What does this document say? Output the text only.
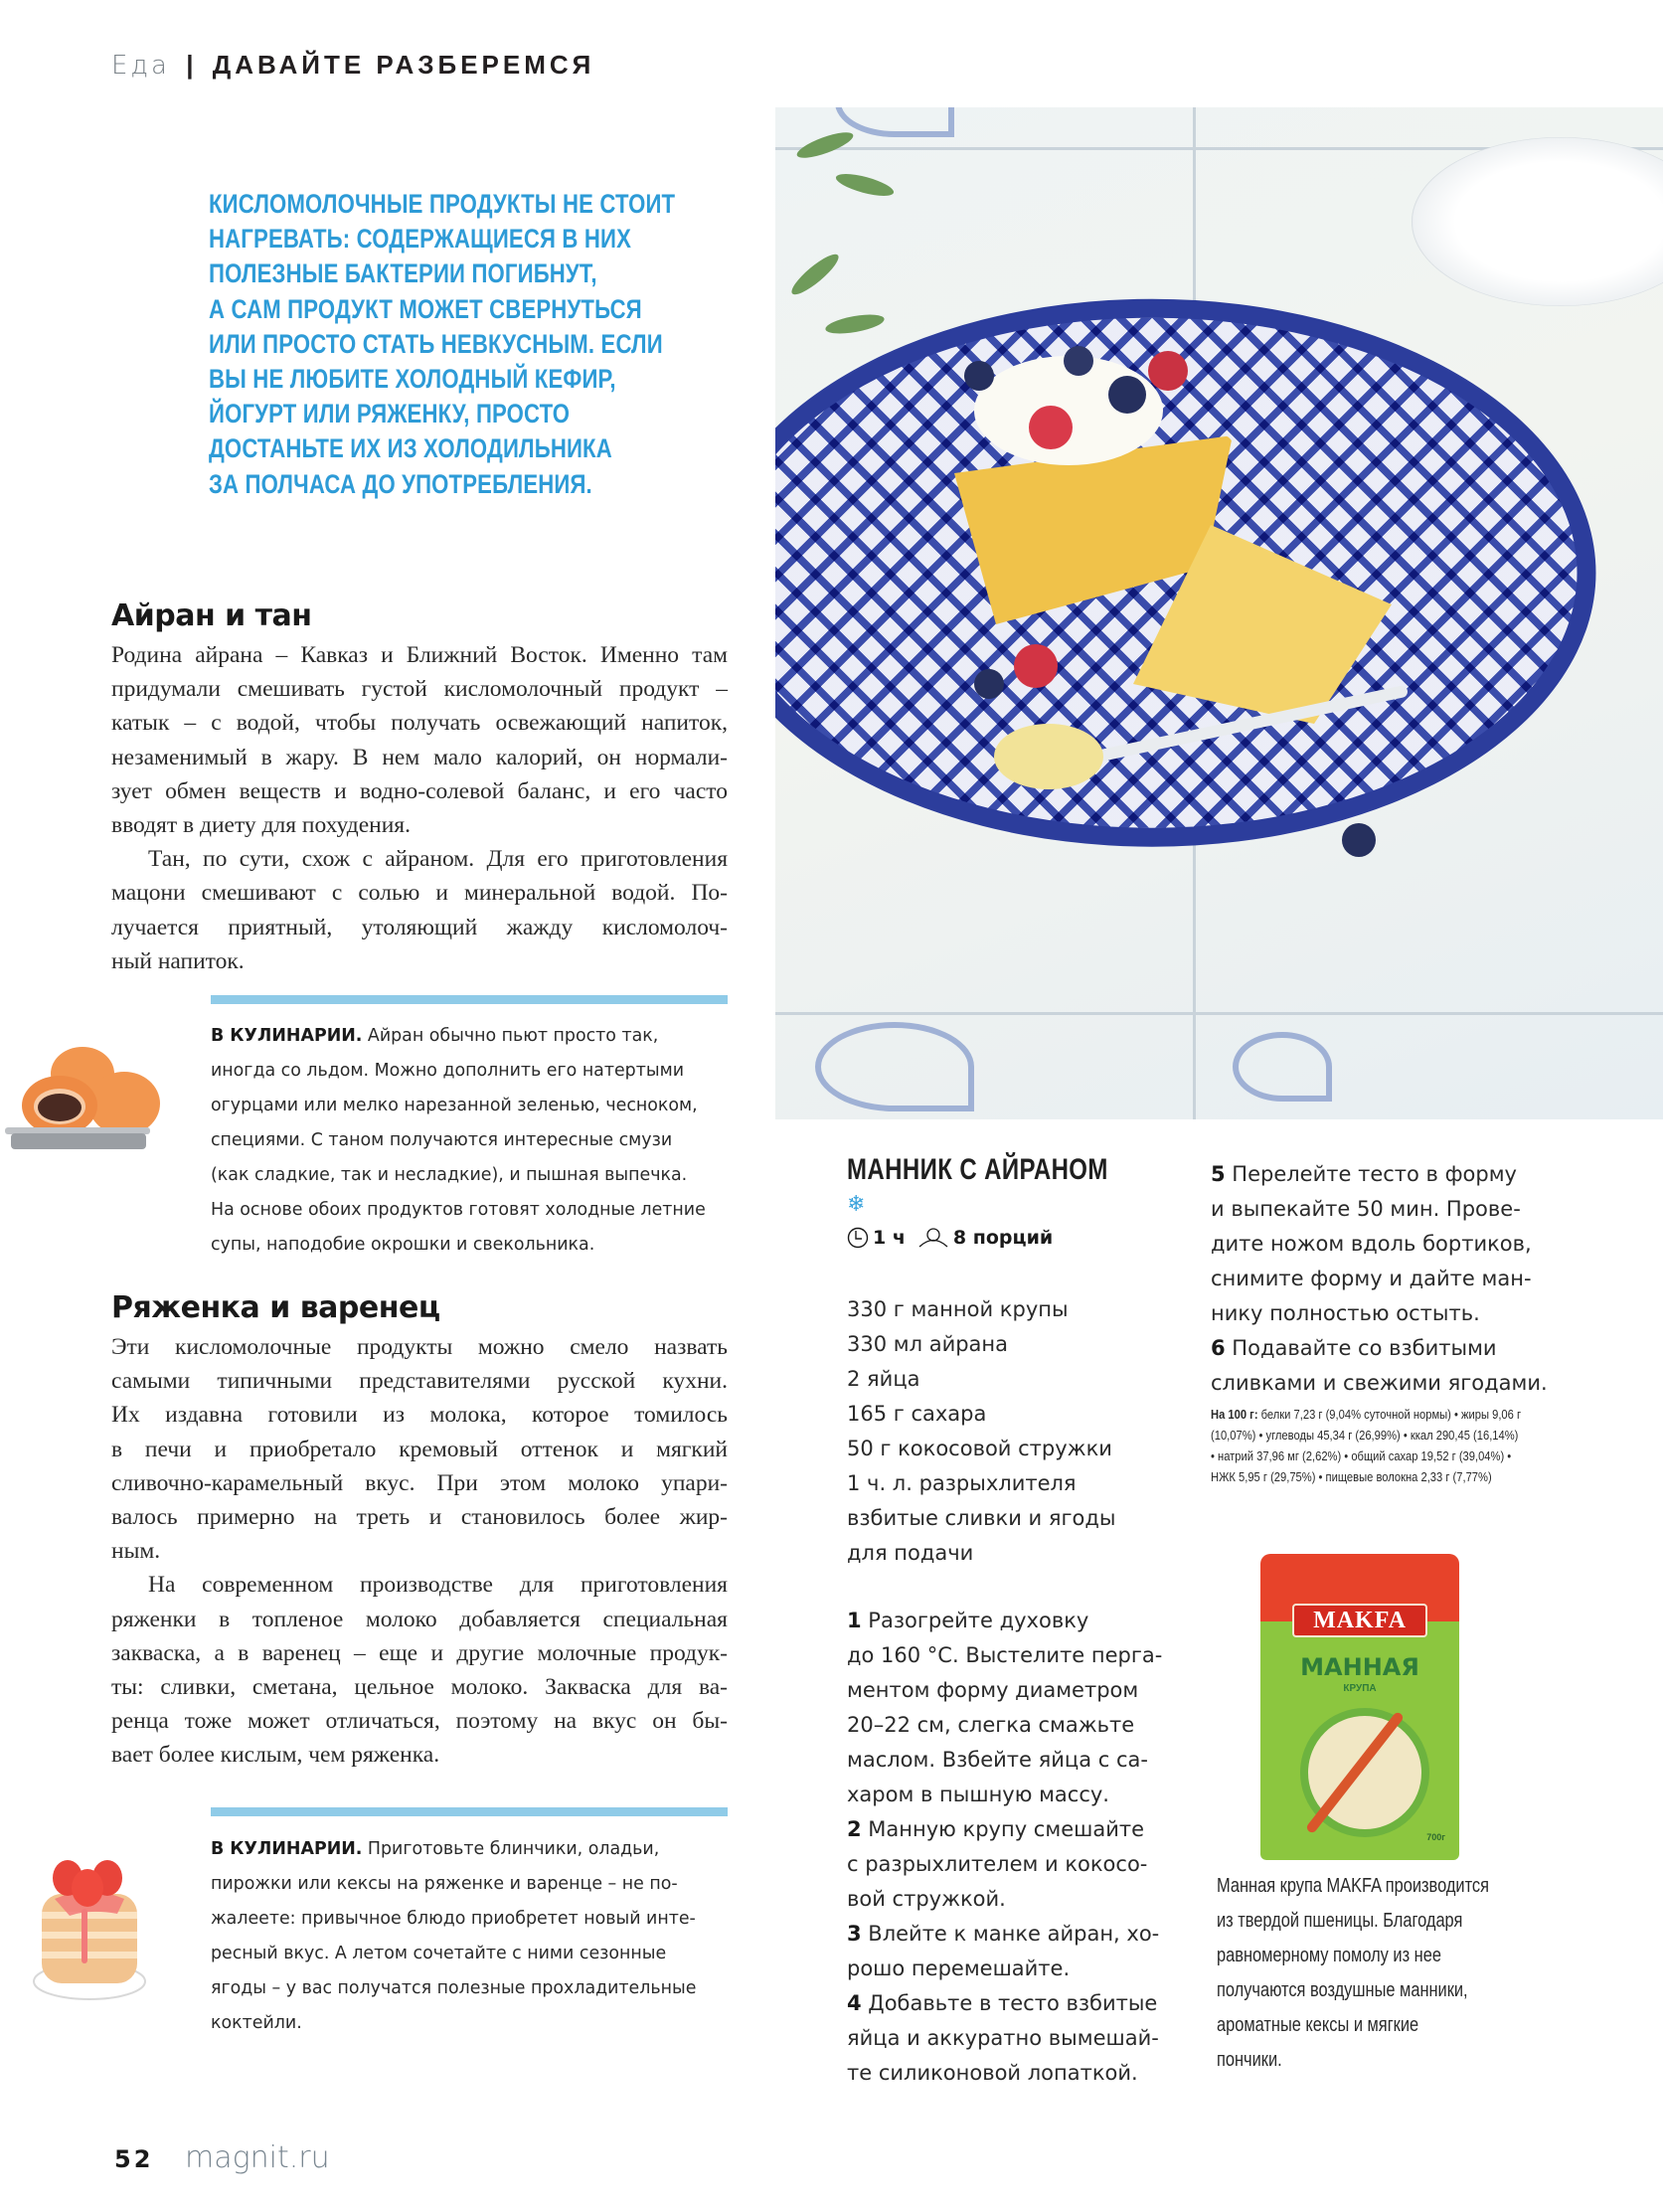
Еда | ДАВАЙТЕ РАЗБЕРЕМСЯ
КИСЛОМОЛОЧНЫЕ ПРОДУКТЫ НЕ СТОИТ
НАГРЕВАТЬ: СОДЕРЖАЩИЕСЯ В НИХ
ПОЛЕЗНЫЕ БАКТЕРИИ ПОГИБНУТ,
А САМ ПРОДУКТ МОЖЕТ СВЕРНУТЬСЯ
ИЛИ ПРОСТО СТАТЬ НЕВКУСНЫМ. ЕСЛИ
ВЫ НЕ ЛЮБИТЕ ХОЛОДНЫЙ КЕФИР,
ЙОГУРТ ИЛИ РЯЖЕНКУ, ПРОСТО
ДОСТАНЬТЕ ИХ ИЗ ХОЛОДИЛЬНИКА
ЗА ПОЛЧАСА ДО УПОТРЕБЛЕНИЯ.
Айран и тан
Родина айрана – Кавказ и Ближний Восток. Именно там
придумали смешивать густой кисломолочный продукт –
катык – с водой, чтобы получать освежающий напиток,
незаменимый в жару. В нем мало калорий, он нормали-
зует обмен веществ и водно-солевой баланс, и его часто
вводят в диету для похудения.
Тан, по сути, схож с айраном. Для его приготовления
мацони смешивают с солью и минеральной водой. По-
лучается приятный, утоляющий жажду кисломолоч-
ный напиток.
В КУЛИНАРИИ. Айран обычно пьют просто так,
иногда со льдом. Можно дополнить его натертыми
огурцами или мелко нарезанной зеленью, чесноком,
специями. С таном получаются интересные смузи
(как сладкие, так и несладкие), и пышная выпечка.
На основе обоих продуктов готовят холодные летние
супы, наподобие окрошки и свекольника.
Ряженка и варенец
Эти кисломолочные продукты можно смело назвать
самыми типичными представителями русской кухни.
Их издавна готовили из молока, которое томилось
в печи и приобретало кремовый оттенок и мягкий
сливочно-карамельный вкус. При этом молоко упари-
валось примерно на треть и становилось более жир-
ным.
На современном производстве для приготовления
ряженки в топленое молоко добавляется специальная
закваска, а в варенец – еще и другие молочные продук-
ты: сливки, сметана, цельное молоко. Закваска для ва-
ренца тоже может отличаться, поэтому на вкус он бы-
вает более кислым, чем ряженка.
В КУЛИНАРИИ. Приготовьте блинчики, оладьи,
пирожки или кексы на ряженке и варенце – не по-
жалеете: привычное блюдо приобретет новый инте-
ресный вкус. А летом сочетайте с ними сезонные
ягоды – у вас получатся полезные прохладительные
коктейли.
МАННИК С АЙРАНОМ
❄
1 ч	8 порций
330 г манной крупы
330 мл айрана
2 яйца
165 г сахара
50 г кокосовой стружки
1 ч. л. разрыхлителя
взбитые сливки и ягоды
для подачи
1 Разогрейте духовку
до 160 °С. Выстелите перга-
ментом форму диаметром
20–22 см, слегка смажьте
маслом. Взбейте яйца с са-
харом в пышную массу.
2 Манную крупу смешайте
с разрыхлителем и кокосо-
вой стружкой.
3 Влейте к манке айран, хо-
рошо перемешайте.
4 Добавьте в тесто взбитые
яйца и аккуратно вымешай-
те силиконовой лопаткой.
5 Перелейте тесто в форму
и выпекайте 50 мин. Прове-
дите ножом вдоль бортиков,
снимите форму и дайте ман-
нику полностью остыть.
6 Подавайте со взбитыми
сливками и свежими ягодами.
На 100 г: белки 7,23 г (9,04% суточной нормы) • жиры 9,06 г
(10,07%) • углеводы 45,34 г (26,99%) • ккал 290,45 (16,14%)
• натрий 37,96 мг (2,62%) • общий сахар 19,52 г (39,04%) •
НЖК 5,95 г (29,75%) • пищевые волокна 2,33 г (7,77%)
MAKFA
МАННАЯ
КРУПА
700г
Манная крупа MAKFA производится
из твердой пшеницы. Благодаря
равномерному помолу из нее
получаются воздушные манники,
ароматные кексы и мягкие
пончики.
52 magnit.ru
